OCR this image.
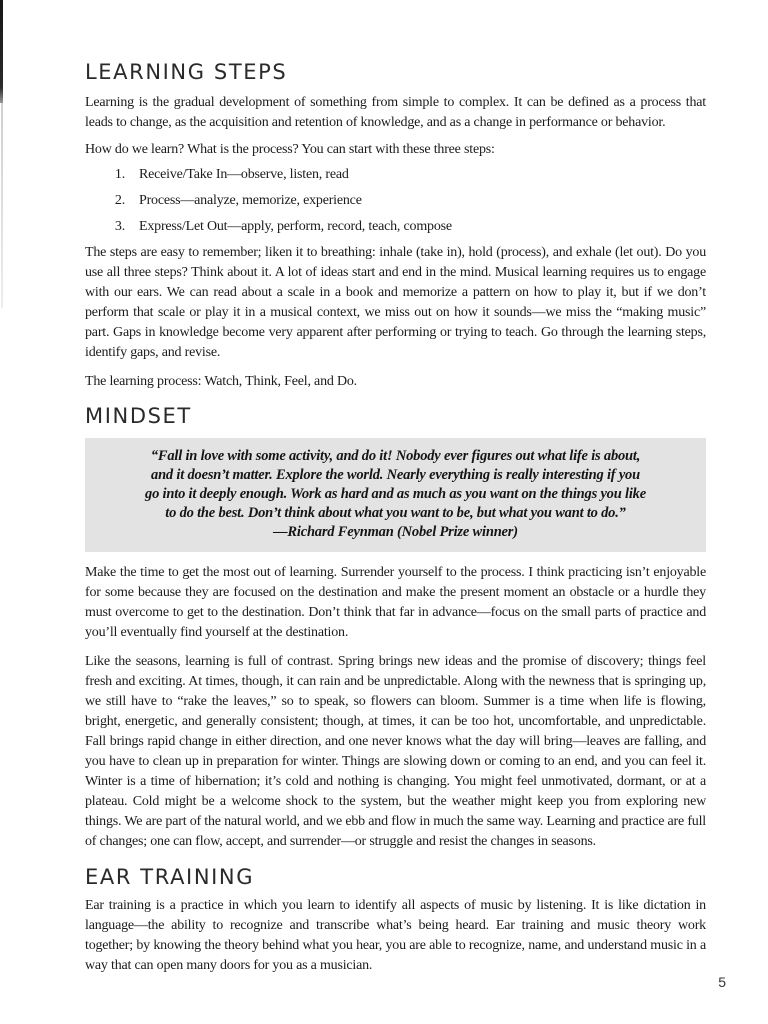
LEARNING STEPS

Learning is the gradual development of something from simple to complex. It can be defined as a process that leads to change, as the acquisition and retention of knowledge, and as a change in performance or behavior.

How do we learn? What is the process? You can start with these three steps:

1. Receive/Take In—observe, listen, read
2. Process—analyze, memorize, experience
3. Express/Let Out—apply, perform, record, teach, compose

The steps are easy to remember; liken it to breathing: inhale (take in), hold (process), and exhale (let out). Do you use all three steps? Think about it. A lot of ideas start and end in the mind. Musical learning requires us to engage with our ears. We can read about a scale in a book and memorize a pattern on how to play it, but if we don’t perform that scale or play it in a musical context, we miss out on how it sounds—we miss the “making music” part. Gaps in knowledge become very apparent after performing or trying to teach. Go through the learning steps, identify gaps, and revise.

The learning process: Watch, Think, Feel, and Do.

MINDSET
“Fall in love with some activity, and do it! Nobody ever figures out what life is about,
and it doesn’t matter. Explore the world. Nearly everything is really interesting if you
go into it deeply enough. Work as hard and as much as you want on the things you like
to do the best. Don’t think about what you want to be, but what you want to do.”
—Richard Feynman (Nobel Prize winner)

Make the time to get the most out of learning. Surrender yourself to the process. I think practicing isn’t enjoyable for some because they are focused on the destination and make the present moment an obstacle or a hurdle they must overcome to get to the destination. Don’t think that far in advance—focus on the small parts of practice and you’ll eventually find yourself at the destination.

Like the seasons, learning is full of contrast. Spring brings new ideas and the promise of discovery; things feel fresh and exciting. At times, though, it can rain and be unpredictable. Along with the newness that is springing up, we still have to “rake the leaves,” so to speak, so flowers can bloom. Summer is a time when life is flowing, bright, energetic, and generally consistent; though, at times, it can be too hot, uncomfortable, and unpredictable. Fall brings rapid change in either direction, and one never knows what the day will bring—leaves are falling, and you have to clean up in preparation for winter. Things are slowing down or coming to an end, and you can feel it. Winter is a time of hibernation; it’s cold and nothing is changing. You might feel unmotivated, dormant, or at a plateau. Cold might be a welcome shock to the system, but the weather might keep you from exploring new things. We are part of the natural world, and we ebb and flow in much the same way. Learning and practice are full of changes; one can flow, accept, and surrender—or struggle and resist the changes in seasons.

EAR TRAINING

Ear training is a practice in which you learn to identify all aspects of music by listening. It is like dictation in language—the ability to recognize and transcribe what’s being heard. Ear training and music theory work together; by knowing the theory behind what you hear, you are able to recognize, name, and understand music in a way that can open many doors for you as a musician.

5
